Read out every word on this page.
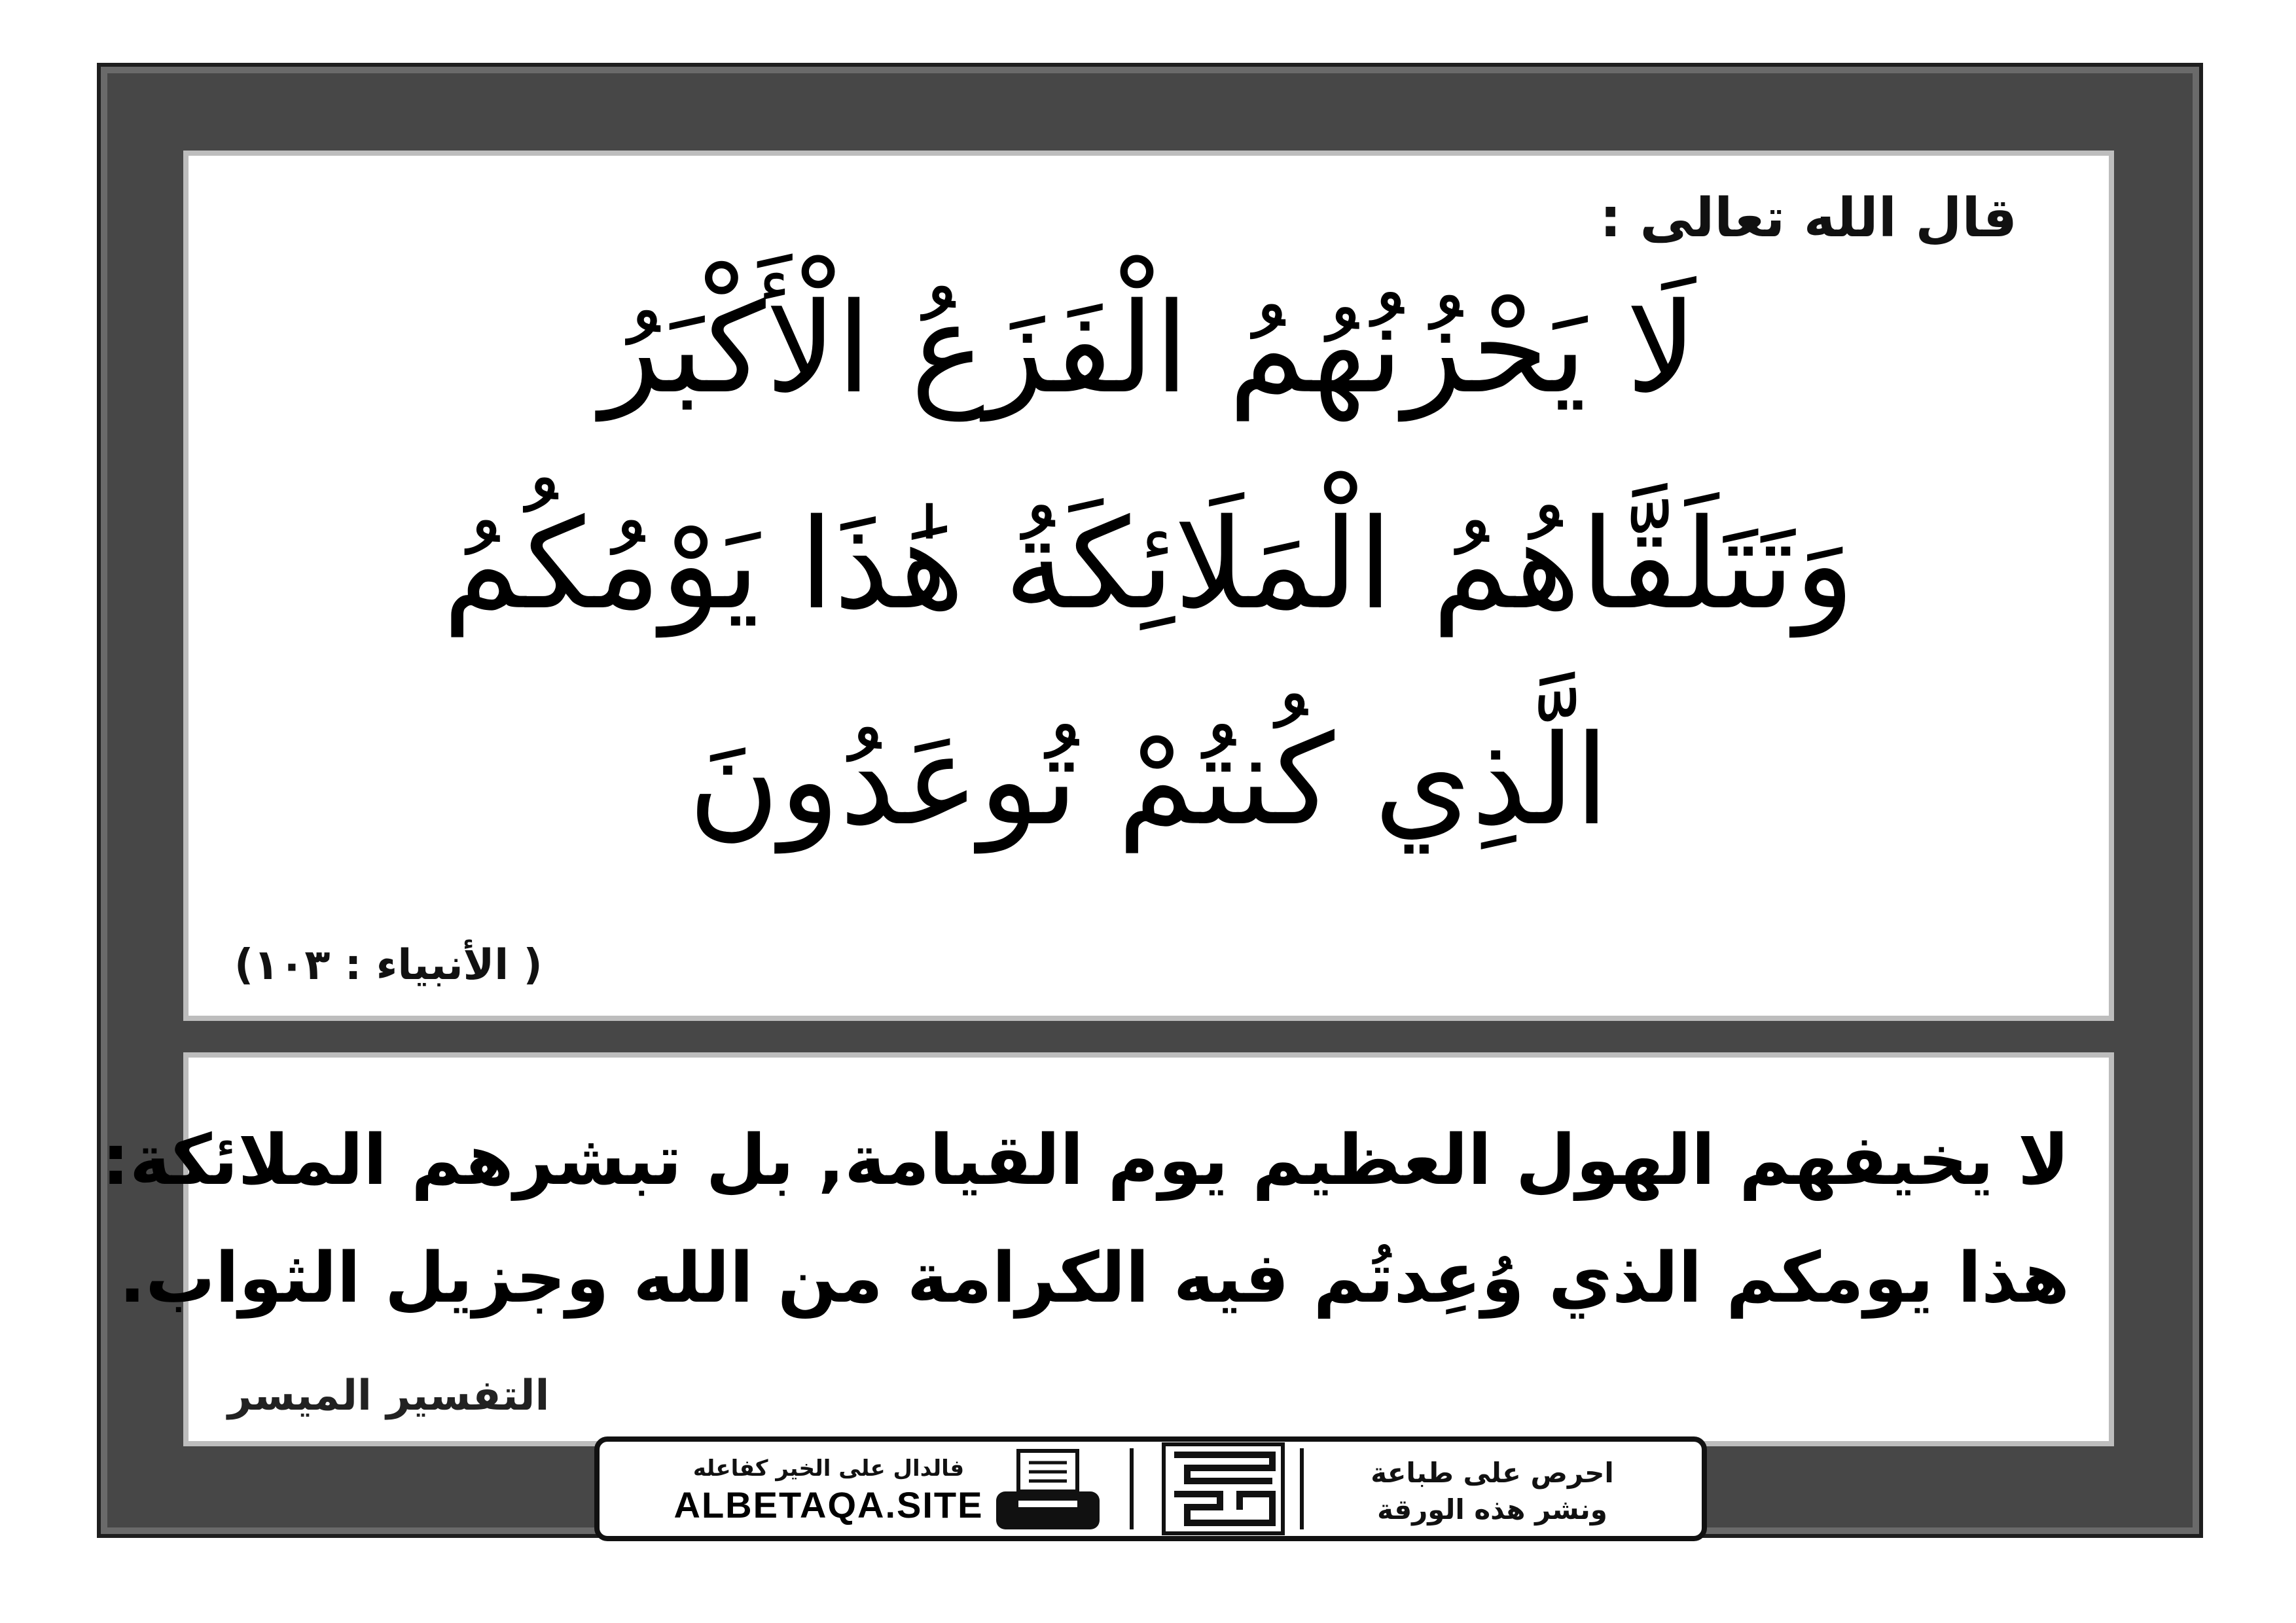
قال الله تعالى :
لَا يَحْزُنُهُمُ الْفَزَعُ الْأَكْبَرُ
وَتَتَلَقَّاهُمُ الْمَلَائِكَةُ هَٰذَا يَوْمُكُمُ
الَّذِي كُنتُمْ تُوعَدُونَ
( الأنبياء : ١٠٣)
لا يخيفهم الهول العظيم يوم القيامة, بل تبشرهم الملائكة:
هذا يومكم الذي وُعِدتُم فيه الكرامة من الله وجزيل الثواب.
التفسير الميسر
فالدال على الخير كفاعله
ALBETAQA.SITE	دعوة الورقة	احرص على طباعة
ونشر هذه الورقة
